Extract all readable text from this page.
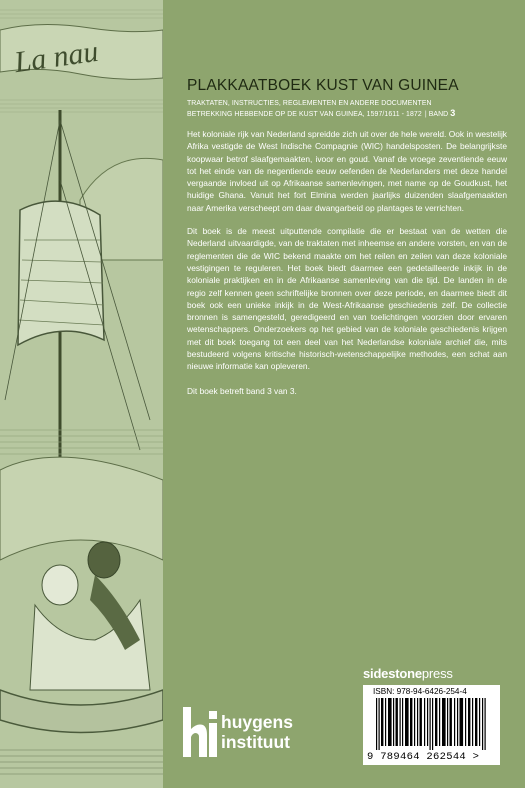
La nau
PLAKKAATBOEK KUST VAN GUINEA
TRAKTATEN, INSTRUCTIES, REGLEMENTEN EN ANDERE DOCUMENTEN
BETREKKING HEBBENDE OP DE KUST VAN GUINEA, 1597/1611 - 1872 | BAND 3

Het koloniale rijk van Nederland spreidde zich uit over de hele wereld. Ook in westelijk Afrika vestigde de West Indische Compagnie (WIC) handelsposten. De belangrijkste koopwaar betrof slaafgemaakten, ivoor en goud. Vanaf de vroege zeventiende eeuw tot het einde van de negentiende eeuw oefenden de Nederlanders met deze handel vergaande invloed uit op Afrikaanse samenlevingen, met name op de Goudkust, het huidige Ghana. Vanuit het fort Elmina werden jaarlijks duizenden slaafgemaakten naar Amerika verscheept om daar dwangarbeid op plantages te verrichten.

Dit boek is de meest uitputtende compilatie die er bestaat van de wetten die Nederland uitvaardigde, van de traktaten met inheemse en andere vorsten, en van de reglementen die de WIC bekend maakte om het reilen en zeilen van deze koloniale vestigingen te reguleren. Het boek biedt daarmee een gedetailleerde inkijk in de koloniale praktijken en in de Afrikaanse samenleving van die tijd. De landen in de regio zelf kennen geen schriftelijke bronnen over deze periode, en daarmee biedt dit boek ook een unieke inkijk in de West-Afrikaanse geschiedenis zelf. De collectie bronnen is samengesteld, geredigeerd en van toelichtingen voorzien door ervaren wetenschappers. Onderzoekers op het gebied van de koloniale geschiedenis krijgen met dit boek toegang tot een deel van het Nederlandse koloniale archief die, mits bestudeerd volgens kritische historisch-wetenschappelijke methodes, een schat aan nieuwe informatie kan opleveren.

Dit boek betreft band 3 van 3.

sidestonepress
ISBN: 978-94-6426-254-4
9 789464 262544 >
huygens
instituut
